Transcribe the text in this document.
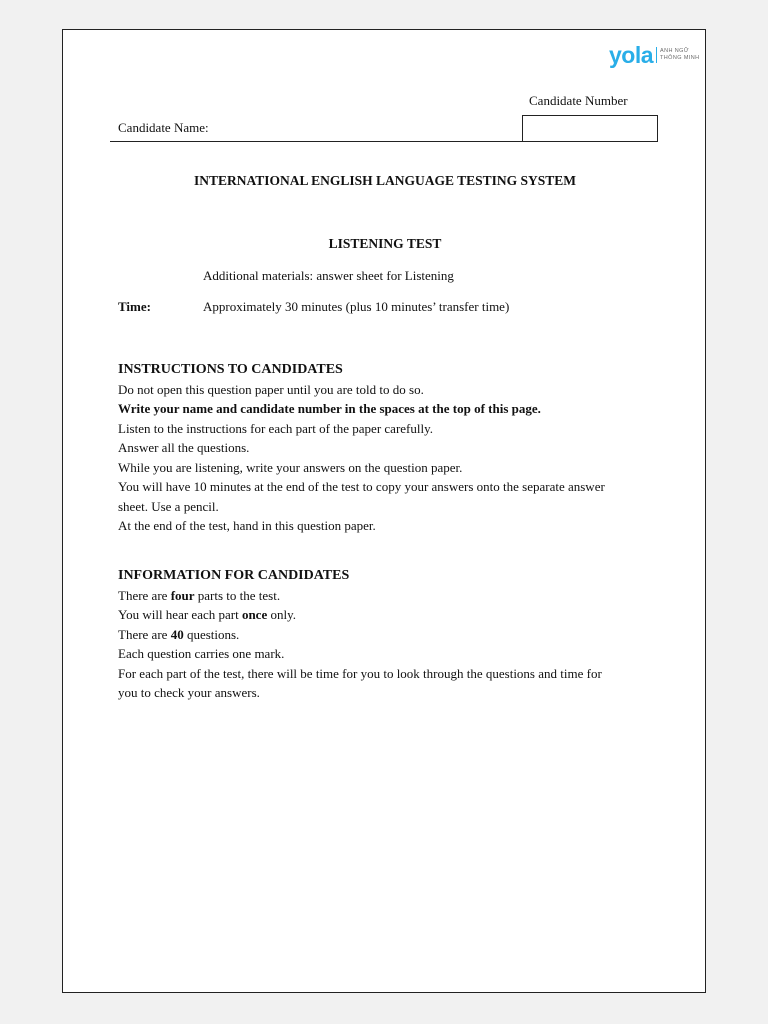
yola ANH NGỮ
THÔNG MINH
Candidate Number
Candidate Name:
INTERNATIONAL ENGLISH LANGUAGE TESTING SYSTEM
LISTENING TEST
Additional materials: answer sheet for Listening
Time:	Approximately 30 minutes (plus 10 minutes’ transfer time)

INSTRUCTIONS TO CANDIDATES

Do not open this question paper until you are told to do so.

Write your name and candidate number in the spaces at the top of this page.

Listen to the instructions for each part of the paper carefully.

Answer all the questions.

While you are listening, write your answers on the question paper.

You will have 10 minutes at the end of the test to copy your answers onto the separate answer

sheet. Use a pencil.

At the end of the test, hand in this question paper.

INFORMATION FOR CANDIDATES

There are four parts to the test.

You will hear each part once only.

There are 40 questions.

Each question carries one mark.

For each part of the test, there will be time for you to look through the questions and time for

you to check your answers.
